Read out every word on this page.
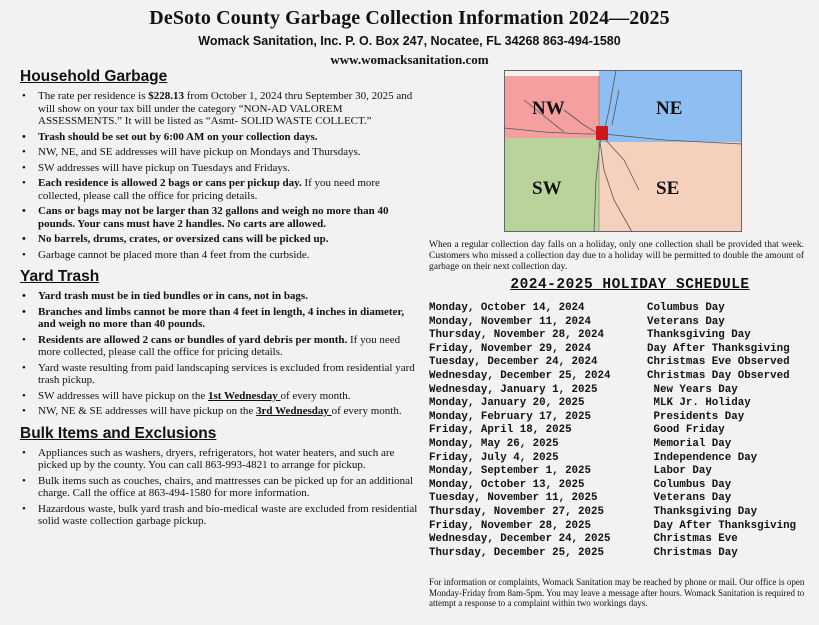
DeSoto County Garbage Collection Information 2024—2025
Womack Sanitation, Inc. P. O. Box 247, Nocatee, FL 34268 863-494-1580
www.womacksanitation.com
Household Garbage
• The rate per residence is $228.13 from October 1, 2024 thru September 30, 2025 and will show on your tax bill under the category “NON-AD VALOREM ASSESSMENTS.” It will be listed as “Asmt- SOLID WASTE COLLECT.”
• Trash should be set out by 6:00 AM on your collection days.
• NW, NE, and SE addresses will have pickup on Mondays and Thursdays.
• SW addresses will have pickup on Tuesdays and Fridays.
• Each residence is allowed 2 bags or cans per pickup day. If you need more collected, please call the office for pricing details.
• Cans or bags may not be larger than 32 gallons and weigh no more than 40 pounds. Your cans must have 2 handles. No carts are allowed.
• No barrels, drums, crates, or oversized cans will be picked up.
• Garbage cannot be placed more than 4 feet from the curbside.
Yard Trash
• Yard trash must be in tied bundles or in cans, not in bags.
• Branches and limbs cannot be more than 4 feet in length, 4 inches in diameter, and weigh no more than 40 pounds.
• Residents are allowed 2 cans or bundles of yard debris per month. If you need more collected, please call the office for pricing details.
• Yard waste resulting from paid landscaping services is excluded from residential yard trash pickup.
• SW addresses will have pickup on the 1st Wednesday of every month.
• NW, NE & SE addresses will have pickup on the 3rd Wednesday of every month.
Bulk Items and Exclusions
• Appliances such as washers, dryers, refrigerators, hot water heaters, and such are picked up by the county. You can call 863-993-4821 to arrange for pickup.
• Bulk items such as couches, chairs, and mattresses can be picked up for an additional charge. Call the office at 863-494-1580 for more information.
• Hazardous waste, bulk yard trash and bio-medical waste are excluded from residential solid waste collection garbage pickup.
NW	NE
SW	SE
When a regular collection day falls on a holiday, only one collection shall be provided that week. Customers who missed a collection day due to a holiday will be permitted to double the amount of garbage on their next collection day.
2024-2025 HOLIDAY SCHEDULE
Monday, October 14, 2024	Columbus Day
Monday, November 11, 2024	Veterans Day
Thursday, November 28, 2024	Thanksgiving Day
Friday, November 29, 2024	Day After Thanksgiving
Tuesday, December 24, 2024	Christmas Eve Observed
Wednesday, December 25, 2024	Christmas Day Observed
Wednesday, January 1, 2025	New Years Day
Monday, January 20, 2025	MLK Jr. Holiday
Monday, February 17, 2025	Presidents Day
Friday, April 18, 2025	Good Friday
Monday, May 26, 2025	Memorial Day
Friday, July 4, 2025	Independence Day
Monday, September 1, 2025	Labor Day
Monday, October 13, 2025	Columbus Day
Tuesday, November 11, 2025	Veterans Day
Thursday, November 27, 2025	Thanksgiving Day
Friday, November 28, 2025	Day After Thanksgiving
Wednesday, December 24, 2025	Christmas Eve
Thursday, December 25, 2025	Christmas Day
For information or complaints, Womack Sanitation may be reached by phone or mail. Our office is open Monday-Friday from 8am-5pm. You may leave a message after hours. Womack Sanitation is required to attempt a response to a complaint within two workings days.
